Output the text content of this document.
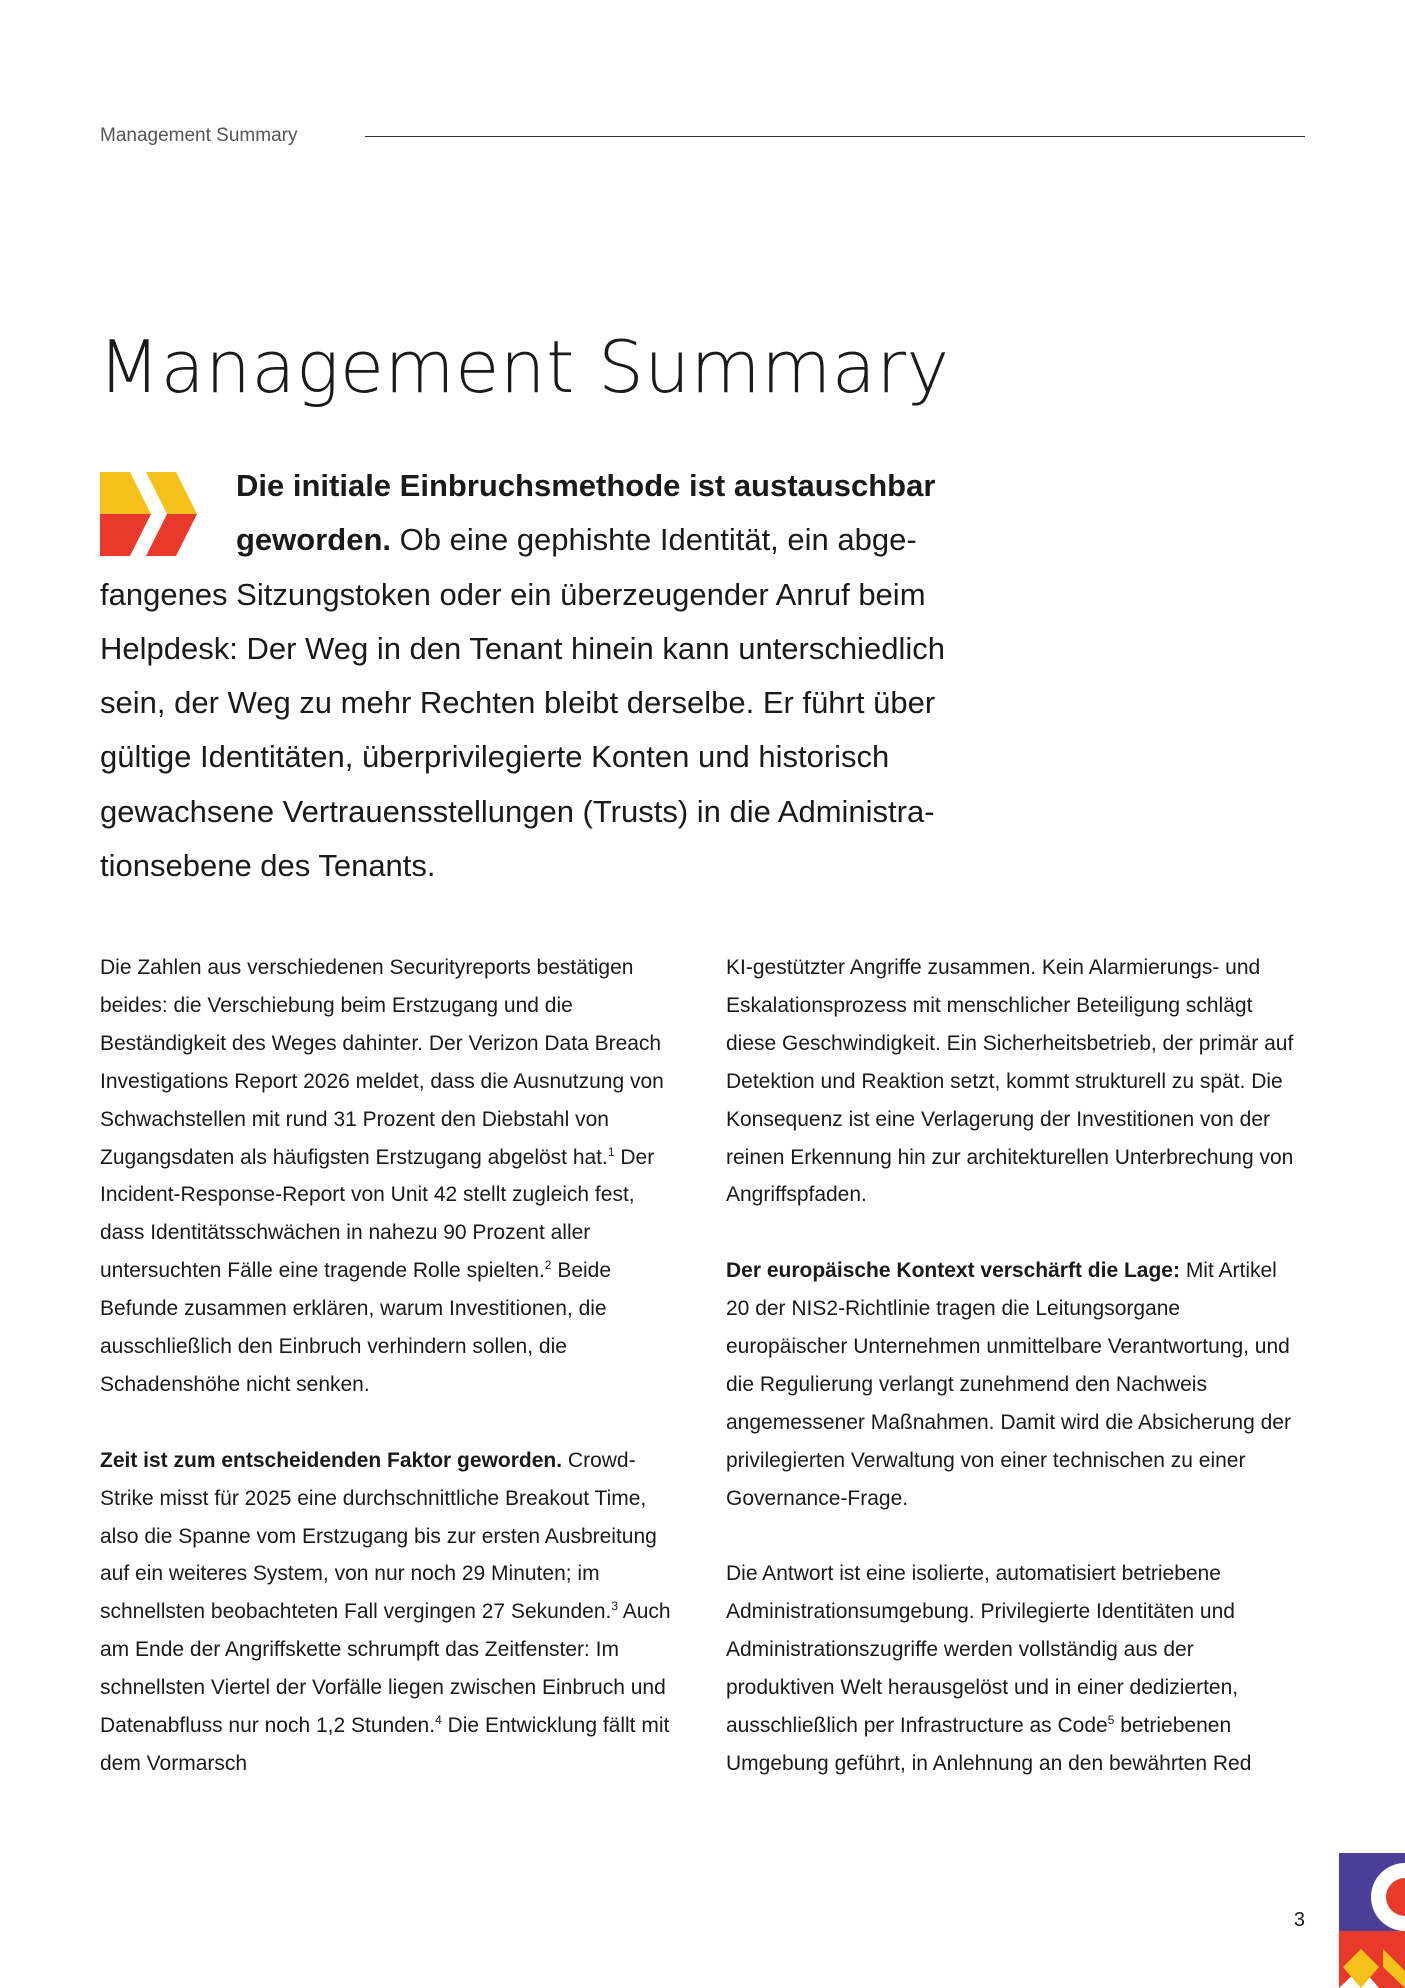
Management Summary
Management Summary

Die initiale Einbruchsmethode ist austauschbar geworden. Ob eine gephishte Identität, ein abgefangenes Sitzungstoken oder ein überzeugender Anruf beim Helpdesk: Der Weg in den Tenant hinein kann unterschiedlich sein, der Weg zu mehr Rechten bleibt derselbe. Er führt über gültige Identitäten, überprivilegierte Konten und historisch gewachsene Vertrauensstellungen (Trusts) in die Administrationsebene des Tenants.

Die Zahlen aus verschiedenen Securityreports bestätigen beides: die Verschiebung beim Erstzugang und die Beständigkeit des Weges dahinter. Der Verizon Data Breach Investigations Report 2026 meldet, dass die Ausnutzung von Schwachstellen mit rund 31 Prozent den Diebstahl von Zugangsdaten als häufigsten Erstzugang abgelöst hat.$^1$ Der Incident-Response-Report von Unit 42 stellt zugleich fest, dass Identitätsschwächen in nahezu 90 Prozent aller untersuchten Fälle eine tragende Rolle spielten.$^2$ Beide Befunde zusammen erklären, warum Investitionen, die ausschließlich den Einbruch verhindern sollen, die Schadenshöhe nicht senken.

Zeit ist zum entscheidenden Faktor geworden. CrowdStrike misst für 2025 eine durchschnittliche Breakout Time, also die Spanne vom Erstzugang bis zur ersten Ausbreitung auf ein weiteres System, von nur noch 29 Minuten; im schnellsten beobachteten Fall vergingen 27 Sekunden.$^3$ Auch am Ende der Angriffskette schrumpft das Zeitfenster: Im schnellsten Viertel der Vorfälle liegen zwischen Einbruch und Datenabfluss nur noch 1,2 Stunden.$^4$ Die Entwicklung fällt mit dem Vormarsch

KI-gestützter Angriffe zusammen. Kein Alarmierungs- und Eskalationsprozess mit menschlicher Beteiligung schlägt diese Geschwindigkeit. Ein Sicherheitsbetrieb, der primär auf Detektion und Reaktion setzt, kommt strukturell zu spät. Die Konsequenz ist eine Verlagerung der Investitionen von der reinen Erkennung hin zur architekturellen Unterbrechung von Angriffspfaden.

Der europäische Kontext verschärft die Lage: Mit Artikel 20 der NIS2-Richtlinie tragen die Leitungsorgane europäischer Unternehmen unmittelbare Verantwortung, und die Regulierung verlangt zunehmend den Nachweis angemessener Maßnahmen. Damit wird die Absicherung der privilegierten Verwaltung von einer technischen zu einer Governance-Frage.

Die Antwort ist eine isolierte, automatisiert betriebene Administrationsumgebung. Privilegierte Identitäten und Administrationszugriffe werden vollständig aus der produktiven Welt herausgelöst und in einer dedizierten, ausschließlich per Infrastructure as Code$^5$ betriebenen Umgebung geführt, in Anlehnung an den bewährten Red

3
